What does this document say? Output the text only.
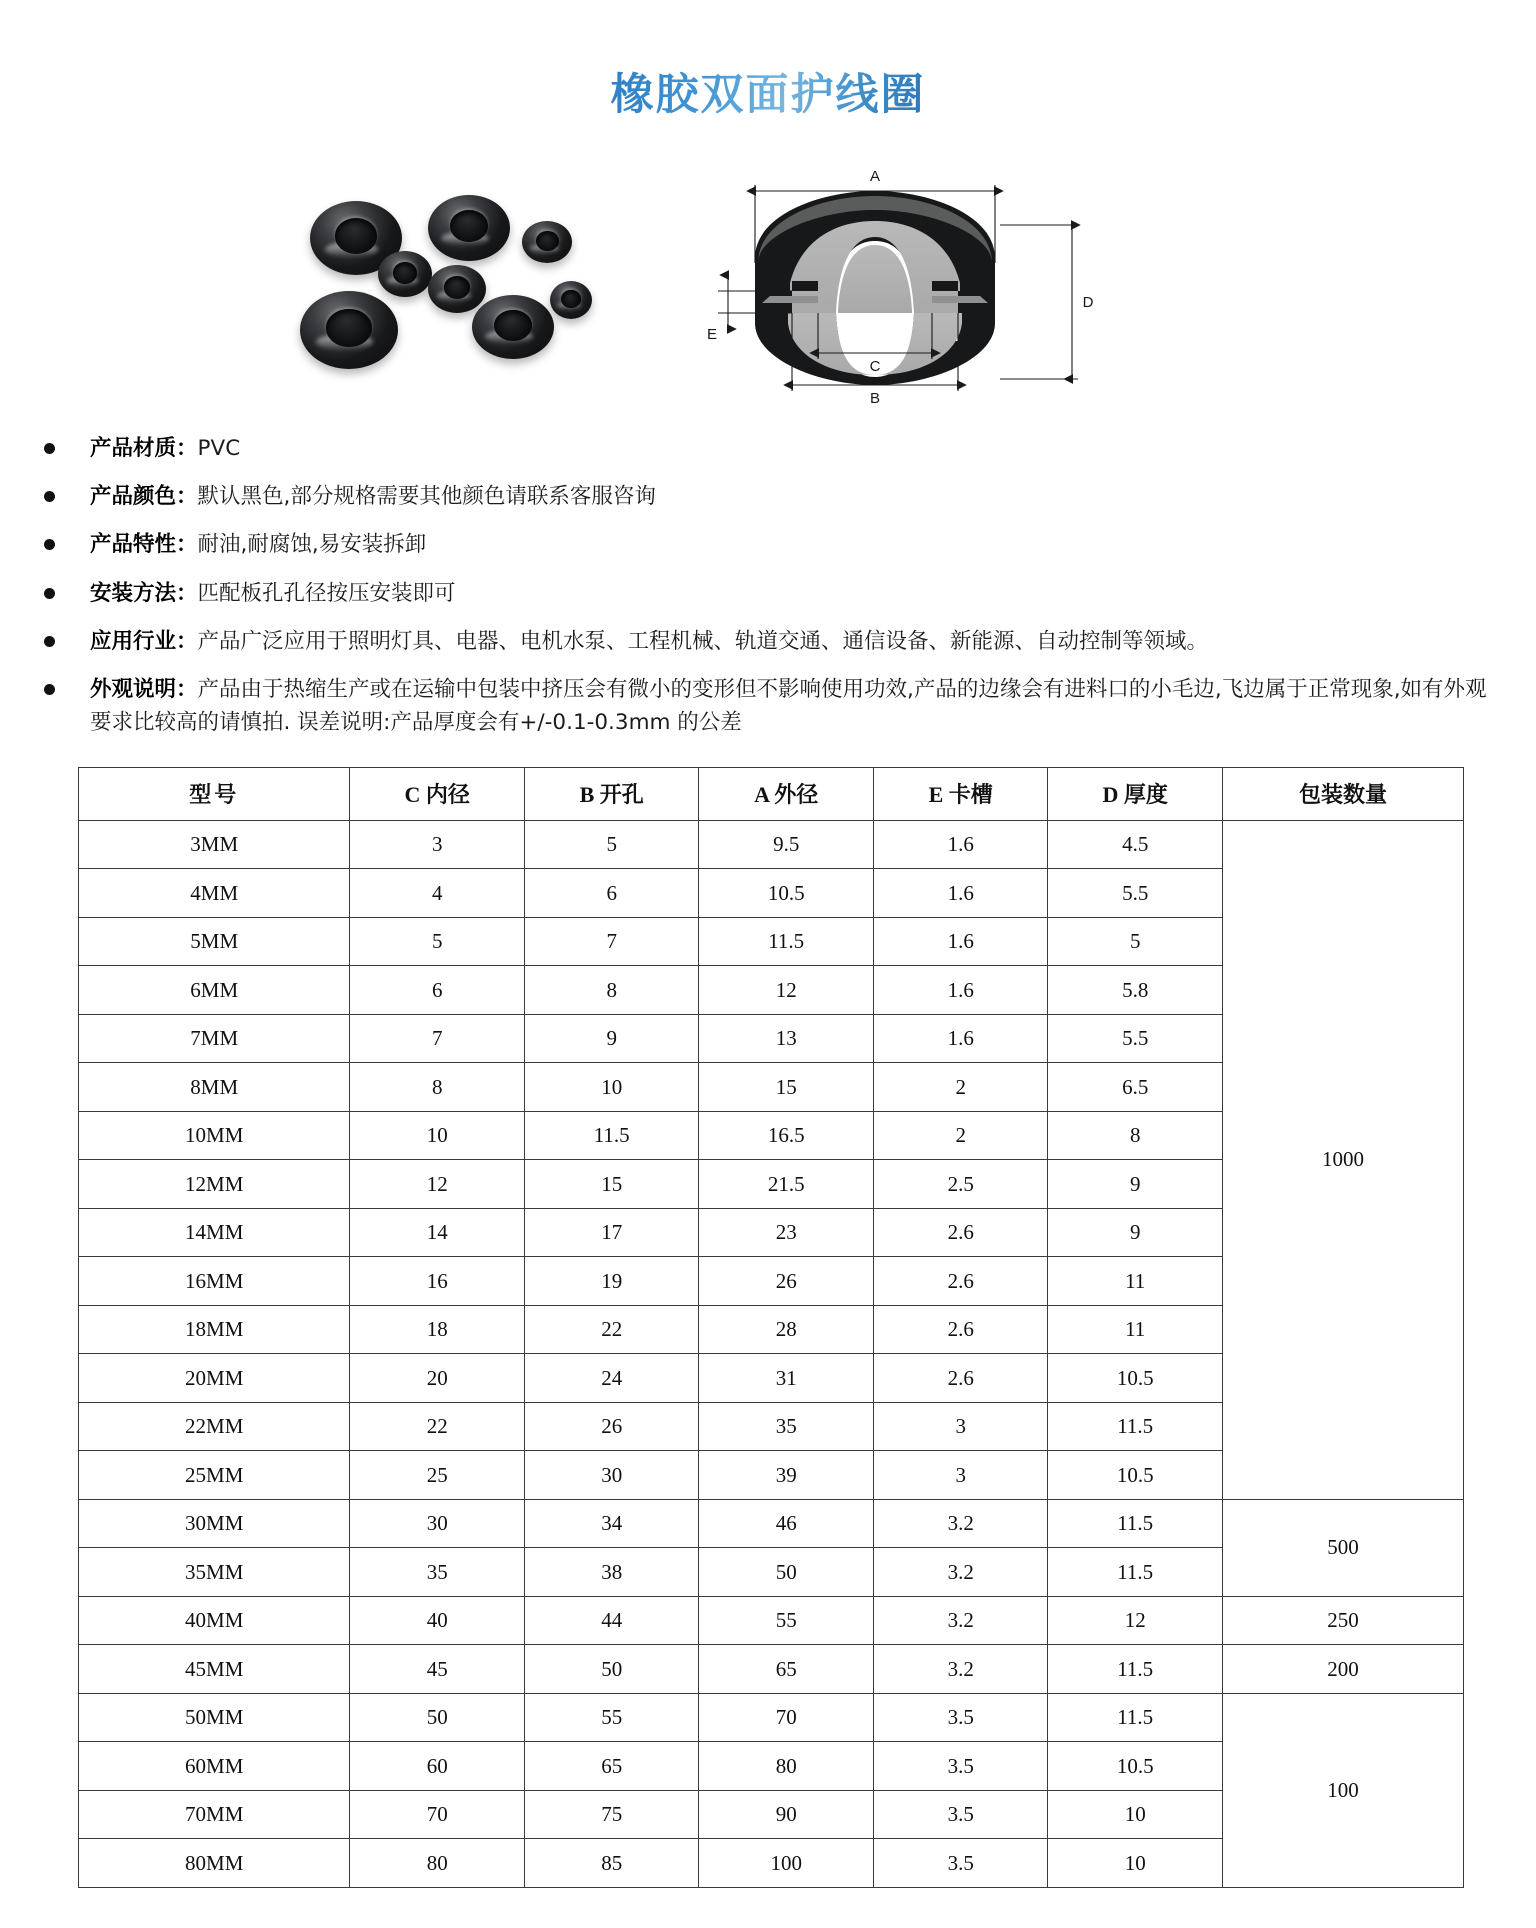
橡胶双面护线圈
A
D
E
C
B
产品材质：PVC
产品颜色：默认黑色,部分规格需要其他颜色请联系客服咨询
产品特性：耐油,耐腐蚀,易安装拆卸
安装方法：匹配板孔孔径按压安装即可
应用行业：产品广泛应用于照明灯具、电器、电机水泵、工程机械、轨道交通、通信设备、新能源、自动控制等领域。
外观说明：产品由于热缩生产或在运输中包装中挤压会有微小的变形但不影响使用功效,产品的边缘会有进料口的小毛边,飞边属于正常现象,如有外观要求比较高的请慎拍. 误差说明:产品厚度会有+/-0.1-0.3mm 的公差
型号	C 内径	B 开孔	A 外径	E 卡槽	D 厚度	包装数量
3MM	3	5	9.5	1.6	4.5	1000
4MM	4	6	10.5	1.6	5.5	
5MM	5	7	11.5	1.6	5	
6MM	6	8	12	1.6	5.8	
7MM	7	9	13	1.6	5.5	
8MM	8	10	15	2	6.5	
10MM	10	11.5	16.5	2	8	
12MM	12	15	21.5	2.5	9	
14MM	14	17	23	2.6	9	
16MM	16	19	26	2.6	11	
18MM	18	22	28	2.6	11	
20MM	20	24	31	2.6	10.5	
22MM	22	26	35	3	11.5	
25MM	25	30	39	3	10.5	
30MM	30	34	46	3.2	11.5	500
35MM	35	38	50	3.2	11.5	
40MM	40	44	55	3.2	12	250
45MM	45	50	65	3.2	11.5	200
50MM	50	55	70	3.5	11.5	100
60MM	60	65	80	3.5	10.5	
70MM	70	75	90	3.5	10	
80MM	80	85	100	3.5	10	
